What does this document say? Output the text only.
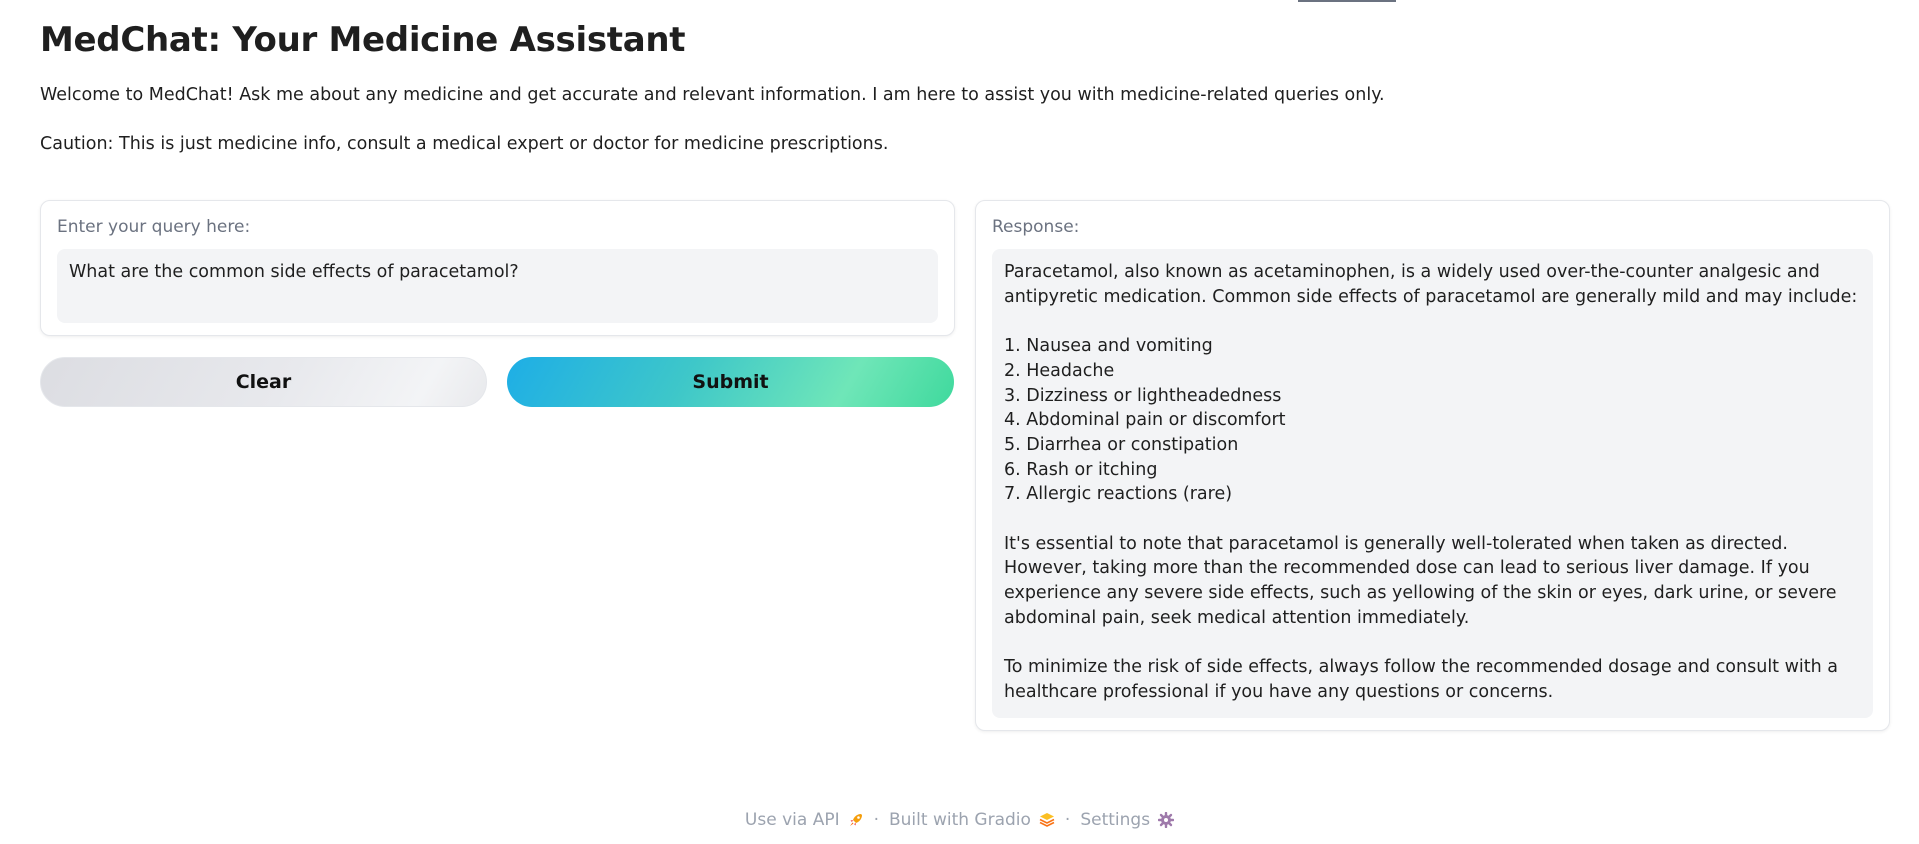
MedChat: Your Medicine Assistant

Welcome to MedChat! Ask me about any medicine and get accurate and relevant information. I am here to assist you with medicine-related queries only.

Caution: This is just medicine info, consult a medical expert or doctor for medicine prescriptions.

Enter your query here:
What are the common side effects of paracetamol?
Clear	Submit
Response:
Paracetamol, also known as acetaminophen, is a widely used over-the-counter analgesic and antipyretic medication. Common side effects of paracetamol are generally mild and may include:

1. Nausea and vomiting
2. Headache
3. Dizziness or lightheadedness
4. Abdominal pain or discomfort
5. Diarrhea or constipation
6. Rash or itching
7. Allergic reactions (rare)

It's essential to note that paracetamol is generally well-tolerated when taken as directed. However, taking more than the recommended dose can lead to serious liver damage. If you experience any severe side effects, such as yellowing of the skin or eyes, dark urine, or severe abdominal pain, seek medical attention immediately.

To minimize the risk of side effects, always follow the recommended dosage and consult with a healthcare professional if you have any questions or concerns.
Use via API · Built with Gradio · Settings
